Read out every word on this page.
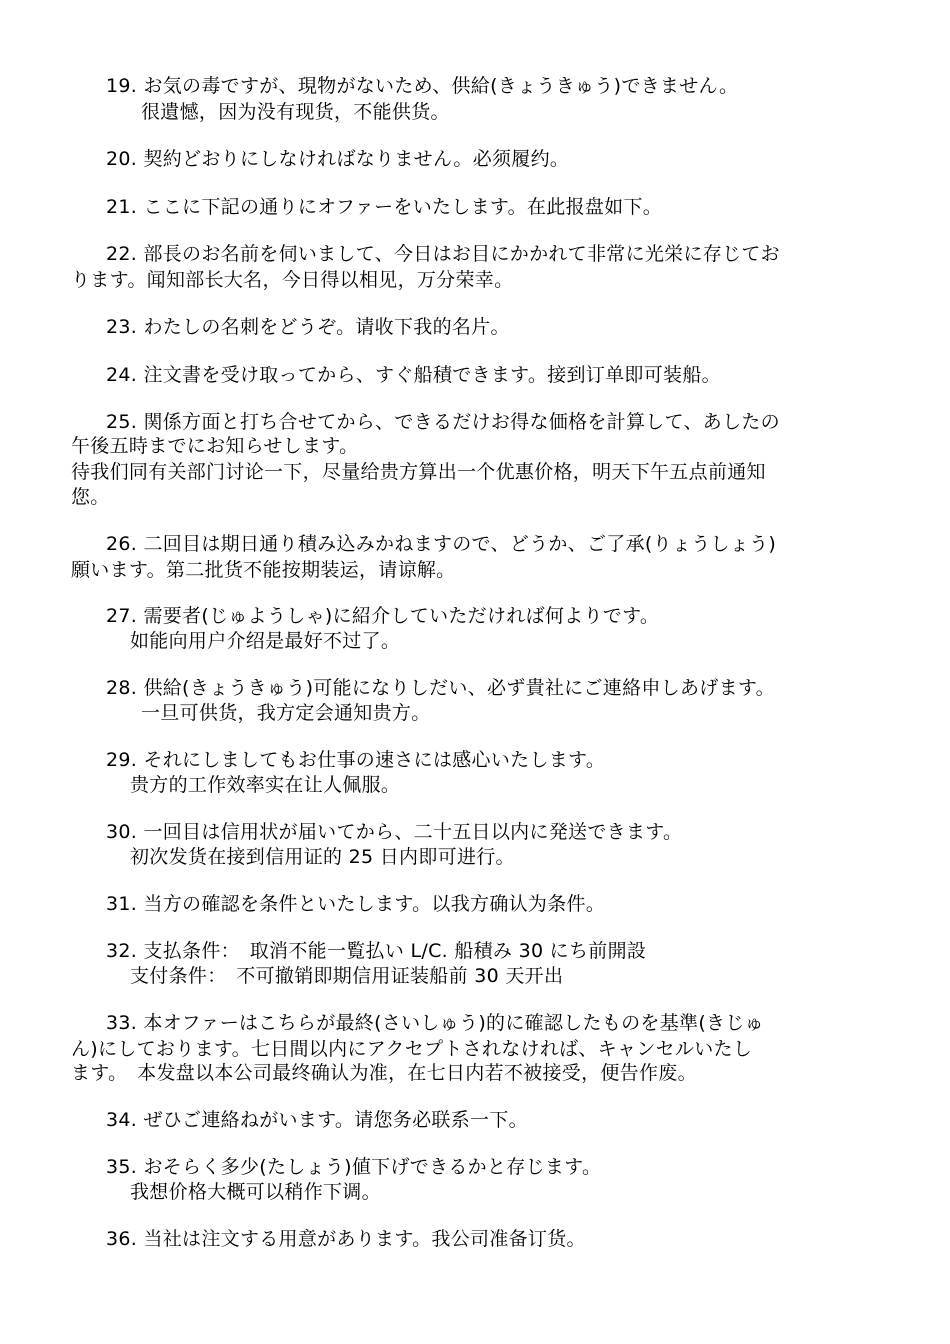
19. お気の毒ですが、現物がないため、供給(きょうきゅう)できません。
很遺憾，因为没有现货，不能供货。
20. 契約どおりにしなければなりません。必须履约。
21. ここに下記の通りにオファーをいたします。在此报盘如下。
22. 部長のお名前を伺いまして、今日はお目にかかれて非常に光栄に存じてお
ります。闻知部长大名，今日得以相见，万分荣幸。
23. わたしの名刺をどうぞ。请收下我的名片。
24. 注文書を受け取ってから、すぐ船積できます。接到订单即可装船。
25. 関係方面と打ち合せてから、できるだけお得な価格を計算して、あしたの
午後五時までにお知らせします。
待我们同有关部门讨论一下，尽量给贵方算出一个优惠价格，明天下午五点前通知
您。
26. 二回目は期日通り積み込みかねますので、どうか、ご了承(りょうしょう)
願います。第二批货不能按期装运，请谅解。
27. 需要者(じゅようしゃ)に紹介していただければ何よりです。
如能向用户介绍是最好不过了。
28. 供給(きょうきゅう)可能になりしだい、必ず貴社にご連絡申しあげます。
一旦可供货，我方定会通知贵方。
29. それにしましてもお仕事の速さには感心いたします。
贵方的工作效率实在让人佩服。
30. 一回目は信用状が届いてから、二十五日以内に発送できます。
初次发货在接到信用证的 25 日内即可进行。
31. 当方の確認を条件といたします。以我方确认为条件。
32. 支払条件：　取消不能一覧払い L/C. 船積み 30 にち前開設
支付条件：　不可撤销即期信用证装船前 30 天开出
33. 本オファーはこちらが最終(さいしゅう)的に確認したものを基準(きじゅ
ん)にしております。七日間以内にアクセプトされなければ、キャンセルいたし
ます。　本发盘以本公司最终确认为准，在七日内若不被接受，便告作废。
34. ぜひご連絡ねがいます。请您务必联系一下。
35. おそらく多少(たしょう)値下げできるかと存じます。
我想价格大概可以稍作下调。
36. 当社は注文する用意があります。我公司准备订货。
